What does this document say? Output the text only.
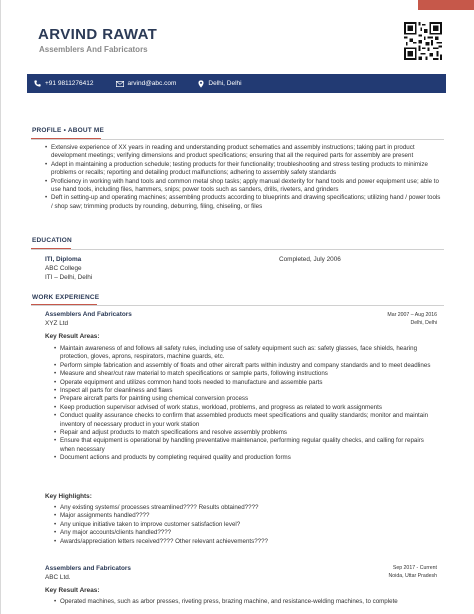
ARVIND RAWAT
Assemblers And Fabricators
+91 9811276412	arvind@abc.com	Delhi, Delhi
PROFILE • ABOUT ME
• Extensive experience of XX years in reading and understanding product schematics and assembly instructions; taking part in product development meetings; verifying dimensions and product specifications; ensuring that all the required parts for assembly are present
• Adept in maintaining a production schedule; testing products for their functionality; troubleshooting and stress testing products to minimize problems or recalls; reporting and detailing product malfunctions; adhering to assembly safety standards
• Proficiency in working with hand tools and common metal shop tasks; apply manual dexterity for hand tools and power equipment use; able to use hand tools, including files, hammers, snips; power tools such as sanders, drills, riveters, and grinders
• Deft in setting-up and operating machines; assembling products according to blueprints and drawing specifications; utilizing hand / power tools / shop saw; trimming products by rounding, deburring, filing, chiseling, or files
EDUCATION
ITI, Diploma	Completed, July 2006
ABC College
ITI – Delhi, Delhi
WORK EXPERIENCE
Assemblers And Fabricators	Mar 2007 – Aug 2016
XYZ Ltd	Delhi, Delhi
Key Result Areas:
• Maintain awareness of and follows all safety rules, including use of safety equipment such as: safety glasses, face shields, hearing protection, gloves, aprons, respirators, machine guards, etc.
• Perform simple fabrication and assembly of floats and other aircraft parts within industry and company standards and to meet deadlines
• Measure and shear/cut raw material to match specifications or sample parts, following instructions
• Operate equipment and utilizes common hand tools needed to manufacture and assemble parts
• Inspect all parts for cleanliness and flaws
• Prepare aircraft parts for painting using chemical conversion process
• Keep production supervisor advised of work status, workload, problems, and progress as related to work assignments
• Conduct quality assurance checks to confirm that assembled products meet specifications and quality standards; monitor and maintain inventory of necessary product in your work station
• Repair and adjust products to match specifications and resolve assembly problems
• Ensure that equipment is operational by handling preventative maintenance, performing regular quality checks, and calling for repairs when necessary
• Document actions and products by completing required quality and production forms
Key Highlights:
• Any existing systems/ processes streamlined???? Results obtained????
• Major assignments handled????
• Any unique initiative taken to improve customer satisfaction level?
• Any major accounts/clients handled????
• Awards/appreciation letters received???? Other relevant achievements????
Assemblers and Fabricators	Sep 2017 - Current
ABC Ltd.	Noida, Uttar Pradesh
Key Result Areas:
• Operated machines, such as arbor presses, riveting press, brazing machine, and resistance-welding machines, to complete
